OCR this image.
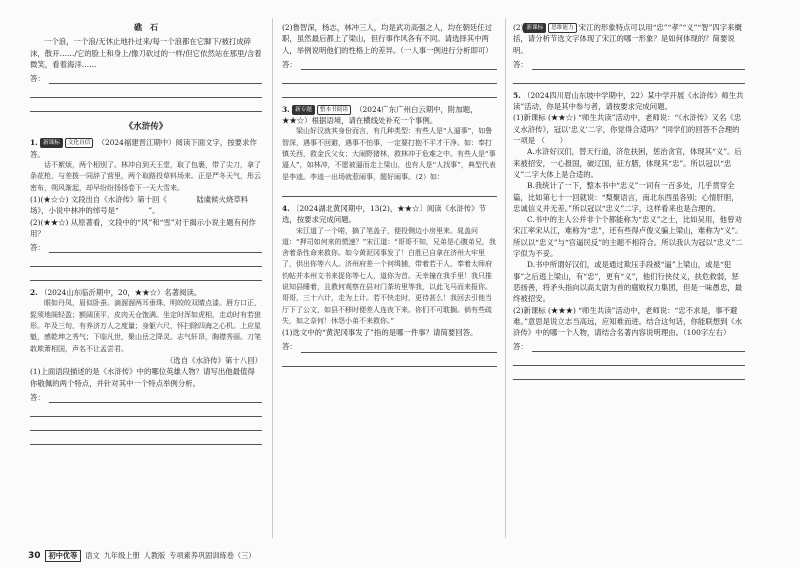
礁　石

一个浪，一个浪/无休止地扑过来/每一个浪都在它脚下/被打成碎沫，散开……/它的脸上和身上/像刀砍过的一样/但它依然站在那里/含着微笑，看着海洋……

答：

《水浒传》

1. 新课标 文化自信 （2024福建晋江期中）阅读下面文字，按要求作答。

话不絮烦，两个相别了。林冲自到天王堂，取了包裹，带了尖刀，拿了条花枪，与差拨一同辞了营里，两个取路投草料场来。正是严冬天气，彤云密布，朔风渐起，却早纷纷扬扬卷下一天大雪来。

(1)(★☆☆) 文段出自《水浒传》第十回《　　　　陆虞候火烧草料场》，小说中林冲的绰号是“　　　　”。

(2)(★★☆) 从原著看，文段中的“风”和“雪”对于揭示小说主题有何作用？

答：

2. （2024山东临沂期中，20，★★☆）名著阅读。

眼如丹凤，眉似卧蚕。滴溜溜两耳垂珠，明皎皎双睛点漆。唇方口正，髭须地阁轻盈；额阔顶平，皮肉天仓饱满。坐定时浑如虎相，走动时有若狼形。年及三旬，有养济万人之度量；身躯六尺，怀扫除四海之心机。上应星魁，感乾坤之秀气；下临凡世，聚山岳之降灵。志气轩昂，胸襟秀丽。刀笔敢欺萧相国，声名不让孟尝君。

（选自《水浒传》第十八回）

(1)上面语段描述的是《水浒传》中的哪位英雄人物？请写出他最值得你敬佩的两个特点，并针对其中一个特点举例分析。

答：

(2)鲁智深，杨志，林冲三人，均是武功高强之人，均在朝廷任过职，虽然最后都上了梁山，但行事作风各有不同。请选择其中两人，举例说明他们的性格上的差异。（一人事一例进行分析即可）

答：

3. 新专题 整本书阅读 （2024广东广州白云期中，附加题，★★☆）根据语境，请在横线处补充一个事例。

梁山好汉就其身份而言，有几种类型：有些人是“人逼事”，如鲁智深，遇事不回避，遇事不怕事，一定要打抱不平才干净。如：奉打镇关西，救金氏父女；大闹野猪林，救林冲于危难之中。有些人是“事逼人”，如林冲，不愿被逼而走上梁山，也有人是“人找事”，典型代表是李逵。李逵一出场就惹闹事，题好闹事。（2）如：

4. 〔2024湖北黄冈期中，13(2)，★★☆〕阅读《水浒传》节选，按要求完成问题。

宋江道了一个喏，摘了笔盖子，便投侧边小房里来。晁盖问道：“押司如何来的慌速？”宋江道：“哥哥不知，兄弟是心腹弟兄，我舍着条性命来救你。如今黄泥冈事发了！白胜已自拿在济州大牢里了，供出你等六人。济州府差一个何缉捕，带着若干人，奉着太师府钧帖并本州文书来捉你等七人，道你为首。天幸撞在我手里！我只推说知县睡着，且教何观察在县对门茶坊里等我，以此飞马而来报你。哥哥，三十六计，走为上计。若不快走时，更待甚么！我回去引他当厅下了公文，如县不移时便差人连夜下来。你们不可耽搁。倘有些疏失，如之奈何！休怨小弟不来救你。”

(1)选文中的“黄泥冈事发了”指的是哪一件事？请简要回答。

答：

(2) 新课标 思维能力 宋江的形象特点可以用“忠”“孝”“义”“智”四字来概括，请分析节选文字体现了宋江的哪一形象？是如何体现的？简要说明。

答：

5. （2024四川眉山东坡中学期中，22）某中学开展《水浒传》师生共读”活动，你是其中参与者，请按要求完成问题。

(1)新课标 (★★☆) “师生共读”活动中，老师说：“《水浒传》又名《忠义水浒传》，冠以‘忠义’二字，你觉得合适吗？”同学们的回答不合理的一项是 （　　）

A.水浒好汉们，替天行道，济危扶困，惩治贪官，体现其“义”。后来被招安，一心报国，破辽国，征方腊，体现其“忠”。所以冠以“忠义”二字大体上是合适的。

B.我统计了一下，整本书中“忠义”一词有一百多处，几乎贯穿全篇，比如第七十一回就说：“梨聚语言，南北东西虽各别；心情肝胆，忠诚信义并无差。”所以冠以“忠义”二字，这样看来也是合理的。

C.书中的主人公并非个个都能称为“忠义”之士，比如吴用，他曾劝宋江率宋从江，难称为“忠”，还有些得卢俊义骗上梁山，难称为“义”。所以以“忠义”与“官逼民反”的主题不相符合。所以我认为冠以“忠义”二字似为不妥。

D.书中所谓好汉们，或是通过欺压手段被“逼”上梁山，或是“犯事”之后逃上梁山，有“忠”，更有“义”，他们行侠仗义，扶危救弱，惩恶扬善，将矛头指向以高太尉为首的腐败权力集团，但是一味愚忠，最终被招安。

(2)新课标 (★★★) “师生共读”活动中，老师说：“忠不求是，事不避难。”意思是说立志当高远，应知难而进。结合这句话，你能联想到《水浒传》中的哪一个人物，请结合名著内容说明理由。（100字左右）

答：
30	初中优等	语文 九年级上册 人教版 专项素养巩固训练卷（三）
